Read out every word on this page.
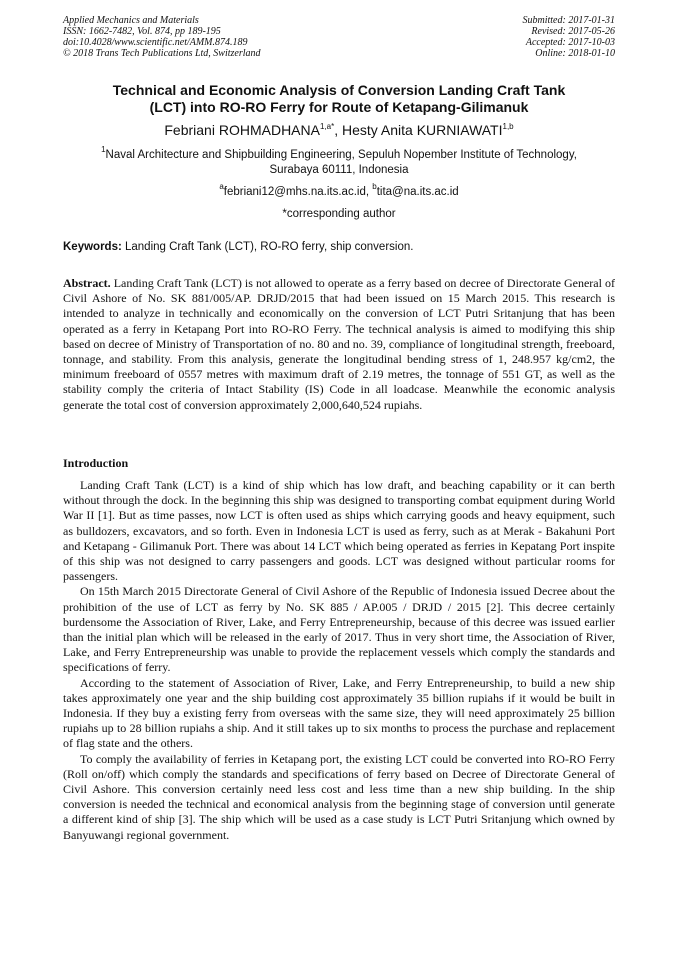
Applied Mechanics and Materials
ISSN: 1662-7482, Vol. 874, pp 189-195
doi:10.4028/www.scientific.net/AMM.874.189
© 2018 Trans Tech Publications Ltd, Switzerland
Submitted: 2017-01-31
Revised: 2017-05-26
Accepted: 2017-10-03
Online: 2018-01-10
Technical and Economic Analysis of Conversion Landing Craft Tank
(LCT) into RO-RO Ferry for Route of Ketapang-Gilimanuk
Febriani $ROHMADHANA^{1,a*}$, Hesty Anita KURNIAWATI$^{1,b}$
$^1$Naval Architecture and Shipbuilding Engineering, Sepuluh Nopember Institute of Technology,
Surabaya 60111, Indonesia
$^a$febriani12@mhs.na.its.ac.id, $^b$tita@na.its.ac.id
*corresponding author
Keywords: Landing Craft Tank (LCT), RO-RO ferry, ship conversion.
Abstract. Landing Craft Tank (LCT) is not allowed to operate as a ferry based on decree of Directorate General of Civil Ashore of No. SK 881/005/AP. DRJD/2015 that had been issued on 15 March 2015. This research is intended to analyze in technically and economically on the conversion of LCT Putri Sritanjung that has been operated as a ferry in Ketapang Port into RO-RO Ferry. The technical analysis is aimed to modifying this ship based on decree of Ministry of Transportation of no. 80 and no. 39, compliance of longitudinal strength, freeboard, tonnage, and stability. From this analysis, generate the longitudinal bending stress of 1, 248.957 kg/cm2, the minimum freeboard of 0557 metres with maximum draft of 2.19 metres, the tonnage of 551 GT, as well as the stability comply the criteria of Intact Stability (IS) Code in all loadcase. Meanwhile the economic analysis generate the total cost of conversion approximately 2,000,640,524 rupiahs.
Introduction

Landing Craft Tank (LCT) is a kind of ship which has low draft, and beaching capability or it can berth without through the dock. In the beginning this ship was designed to transporting combat equipment during World War II [1]. But as time passes, now LCT is often used as ships which carrying goods and heavy equipment, such as bulldozers, excavators, and so forth. Even in Indonesia LCT is used as ferry, such as at Merak - Bakahuni Port and Ketapang - Gilimanuk Port. There was about 14 LCT which being operated as ferries in Kepatang Port inspite of this ship was not designed to carry passengers and goods. LCT was designed without particular rooms for passengers.

On 15th March 2015 Directorate General of Civil Ashore of the Republic of Indonesia issued Decree about the prohibition of the use of LCT as ferry by No. SK 885 / AP.005 / DRJD / 2015 [2]. This decree certainly burdensome the Association of River, Lake, and Ferry Entrepreneurship, because of this decree was issued earlier than the initial plan which will be released in the early of 2017. Thus in very short time, the Association of River, Lake, and Ferry Entrepreneurship was unable to provide the replacement vessels which comply the standards and specifications of ferry.

According to the statement of Association of River, Lake, and Ferry Entrepreneurship, to build a new ship takes approximately one year and the ship building cost approximately 35 billion rupiahs if it would be built in Indonesia. If they buy a existing ferry from overseas with the same size, they will need approximately 25 billion rupiahs up to 28 billion rupiahs a ship. And it still takes up to six months to process the purchase and replacement of flag state and the others.

To comply the availability of ferries in Ketapang port, the existing LCT could be converted into RO-RO Ferry (Roll on/off) which comply the standards and specifications of ferry based on Decree of Directorate General of Civil Ashore. This conversion certainly need less cost and less time than a new ship building. In the ship conversion is needed the technical and economical analysis from the beginning stage of conversion until generate a different kind of ship [3]. The ship which will be used as a case study is LCT Putri Sritanjung which owned by Banyuwangi regional government.
